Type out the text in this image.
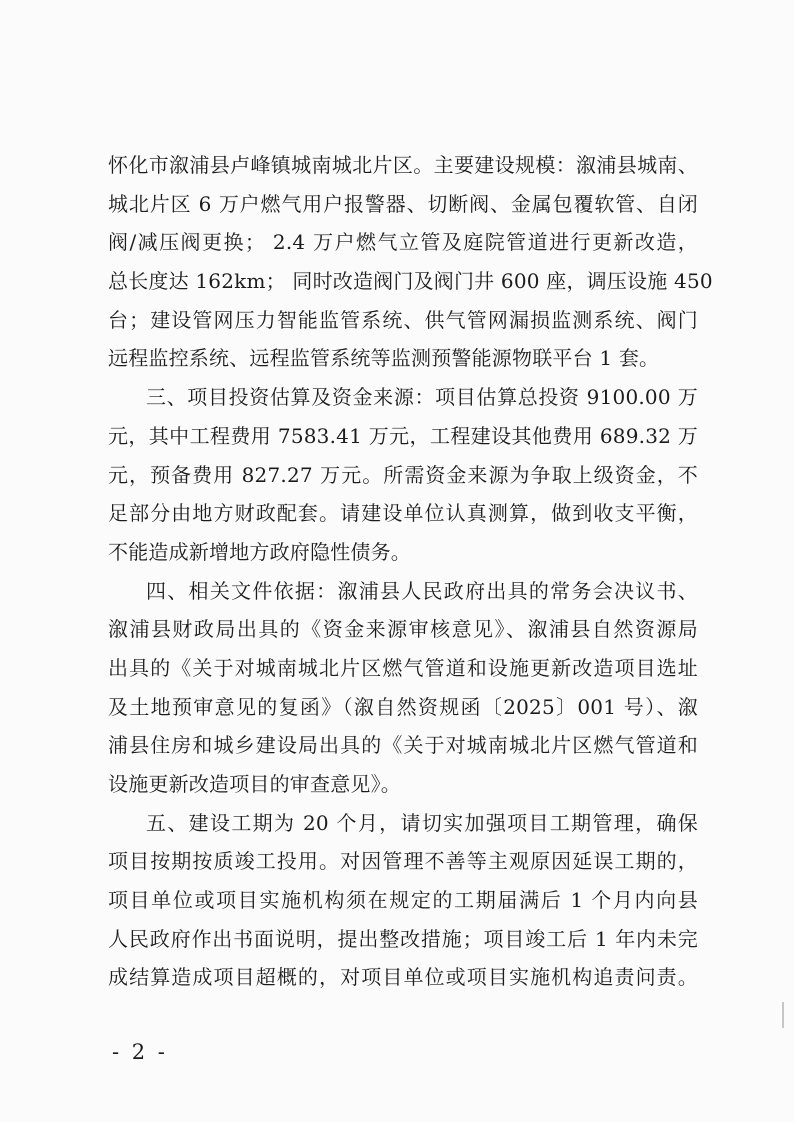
怀化市溆浦县卢峰镇城南城北片区。主要建设规模：溆浦县城南、
城北片区 6 万户燃气用户报警器、切断阀、金属包覆软管、自闭
阀/减压阀更换； 2.4 万户燃气立管及庭院管道进行更新改造，
总长度达 162km； 同时改造阀门及阀门井 600 座，调压设施 450
台；建设管网压力智能监管系统、供气管网漏损监测系统、阀门
远程监控系统、远程监管系统等监测预警能源物联平台 1 套。
三、项目投资估算及资金来源：项目估算总投资 9100.00 万
元，其中工程费用 7583.41 万元，工程建设其他费用 689.32 万
元，预备费用 827.27 万元。所需资金来源为争取上级资金，不
足部分由地方财政配套。请建设单位认真测算，做到收支平衡，
不能造成新增地方政府隐性债务。
四、相关文件依据：溆浦县人民政府出具的常务会决议书、
溆浦县财政局出具的《资金来源审核意见》、溆浦县自然资源局
出具的《关于对城南城北片区燃气管道和设施更新改造项目选址
及土地预审意见的复函》（溆自然资规函〔2025〕001 号）、溆
浦县住房和城乡建设局出具的《关于对城南城北片区燃气管道和
设施更新改造项目的审查意见》。
五、建设工期为 20 个月，请切实加强项目工期管理，确保
项目按期按质竣工投用。对因管理不善等主观原因延误工期的，
项目单位或项目实施机构须在规定的工期届满后 1 个月内向县
人民政府作出书面说明，提出整改措施；项目竣工后 1 年内未完
成结算造成项目超概的，对项目单位或项目实施机构追责问责。
- 2 -
